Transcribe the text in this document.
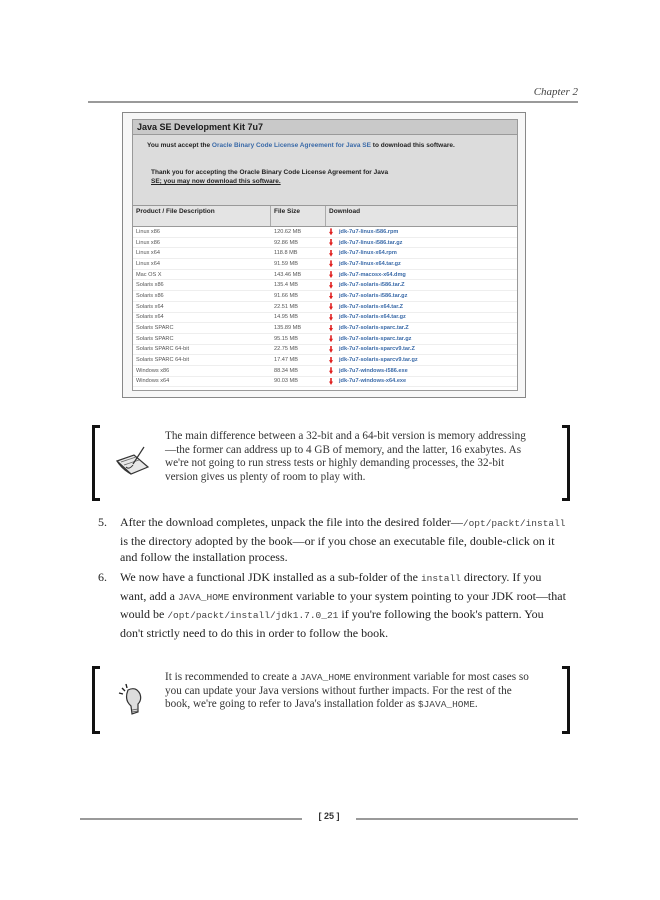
Chapter 2
Java SE Development Kit 7u7
You must accept the Oracle Binary Code License Agreement for Java SE to download this software.
Thank you for accepting the Oracle Binary Code License Agreement for Java
SE; you may now download this software.
Product / File Description	File Size	Download
Linux x86	120.62 MB	jdk-7u7-linux-i586.rpm
Linux x86	92.86 MB	jdk-7u7-linux-i586.tar.gz
Linux x64	118.8 MB	jdk-7u7-linux-x64.rpm
Linux x64	91.59 MB	jdk-7u7-linux-x64.tar.gz
Mac OS X	143.46 MB	jdk-7u7-macosx-x64.dmg
Solaris x86	135.4 MB	jdk-7u7-solaris-i586.tar.Z
Solaris x86	91.66 MB	jdk-7u7-solaris-i586.tar.gz
Solaris x64	22.51 MB	jdk-7u7-solaris-x64.tar.Z
Solaris x64	14.95 MB	jdk-7u7-solaris-x64.tar.gz
Solaris SPARC	135.89 MB	jdk-7u7-solaris-sparc.tar.Z
Solaris SPARC	95.15 MB	jdk-7u7-solaris-sparc.tar.gz
Solaris SPARC 64-bit	22.75 MB	jdk-7u7-solaris-sparcv9.tar.Z
Solaris SPARC 64-bit	17.47 MB	jdk-7u7-solaris-sparcv9.tar.gz
Windows x86	88.34 MB	jdk-7u7-windows-i586.exe
Windows x64	90.03 MB	jdk-7u7-windows-x64.exe
The main difference between a 32-bit and a 64-bit version is memory addressing—the former can address up to 4 GB of memory, and the latter, 16 exabytes. As we're not going to run stress tests or highly demanding processes, the 32-bit version gives us plenty of room to play with.
5. After the download completes, unpack the file into the desired folder—/opt/packt/install is the directory adopted by the book—or if you chose an executable file, double-click on it and follow the installation process.
6. We now have a functional JDK installed as a sub-folder of the install directory. If you want, add a JAVA_HOME environment variable to your system pointing to your JDK root—that would be /opt/packt/install/jdk1.7.0_21 if you're following the book's pattern. You don't strictly need to do this in order to follow the book.
It is recommended to create a JAVA_HOME environment variable for most cases so you can update your Java versions without further impacts. For the rest of the book, we're going to refer to Java's installation folder as $JAVA_HOME.
[ 25 ]
